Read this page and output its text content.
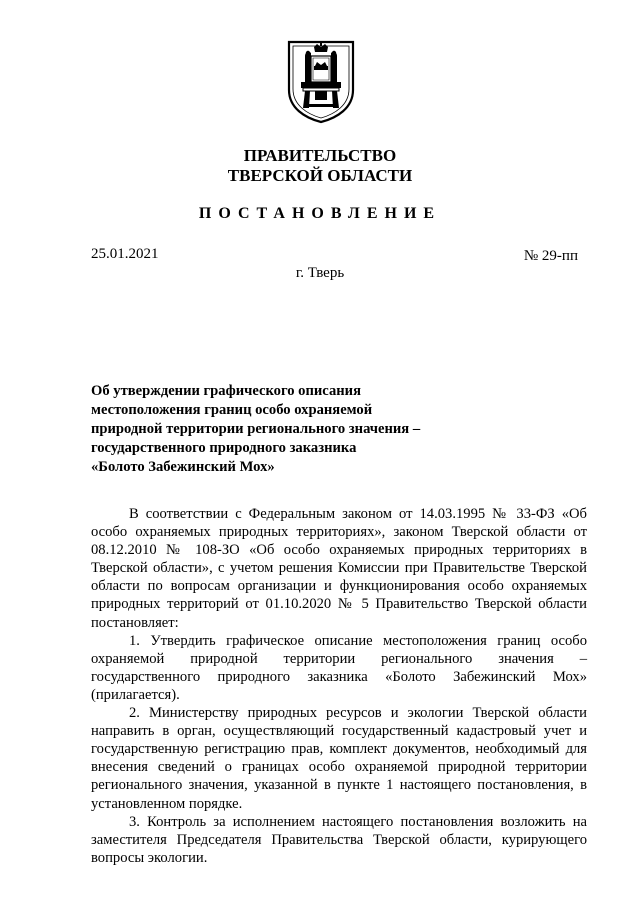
ПРАВИТЕЛЬСТВО
ТВЕРСКОЙ ОБЛАСТИ
ПОСТАНОВЛЕНИЕ
25.01.2021	№ 29-пп
г. Тверь
Об утверждении графического описания
местоположения границ особо охраняемой
природной территории регионального значения –
государственного природного заказника
«Болото Забежинский Мох»

В соответствии с Федеральным законом от 14.03.1995 № 33-ФЗ «Об особо охраняемых природных территориях», законом Тверской области от 08.12.2010 № 108-ЗО «Об особо охраняемых природных территориях в Тверской области», с учетом решения Комиссии при Правительстве Тверской области по вопросам организации и функционирования особо охраняемых природных территорий от 01.10.2020 № 5 Правительство Тверской области постановляет:

1. Утвердить графическое описание местоположения границ особо охраняемой природной территории регионального значения – государственного природного заказника «Болото Забежинский Мох» (прилагается).

2. Министерству природных ресурсов и экологии Тверской области направить в орган, осуществляющий государственный кадастровый учет и государственную регистрацию прав, комплект документов, необходимый для внесения сведений о границах особо охраняемой природной территории регионального значения, указанной в пункте 1 настоящего постановления, в установленном порядке.

3. Контроль за исполнением настоящего постановления возложить на заместителя Председателя Правительства Тверской области, курирующего вопросы экологии.
